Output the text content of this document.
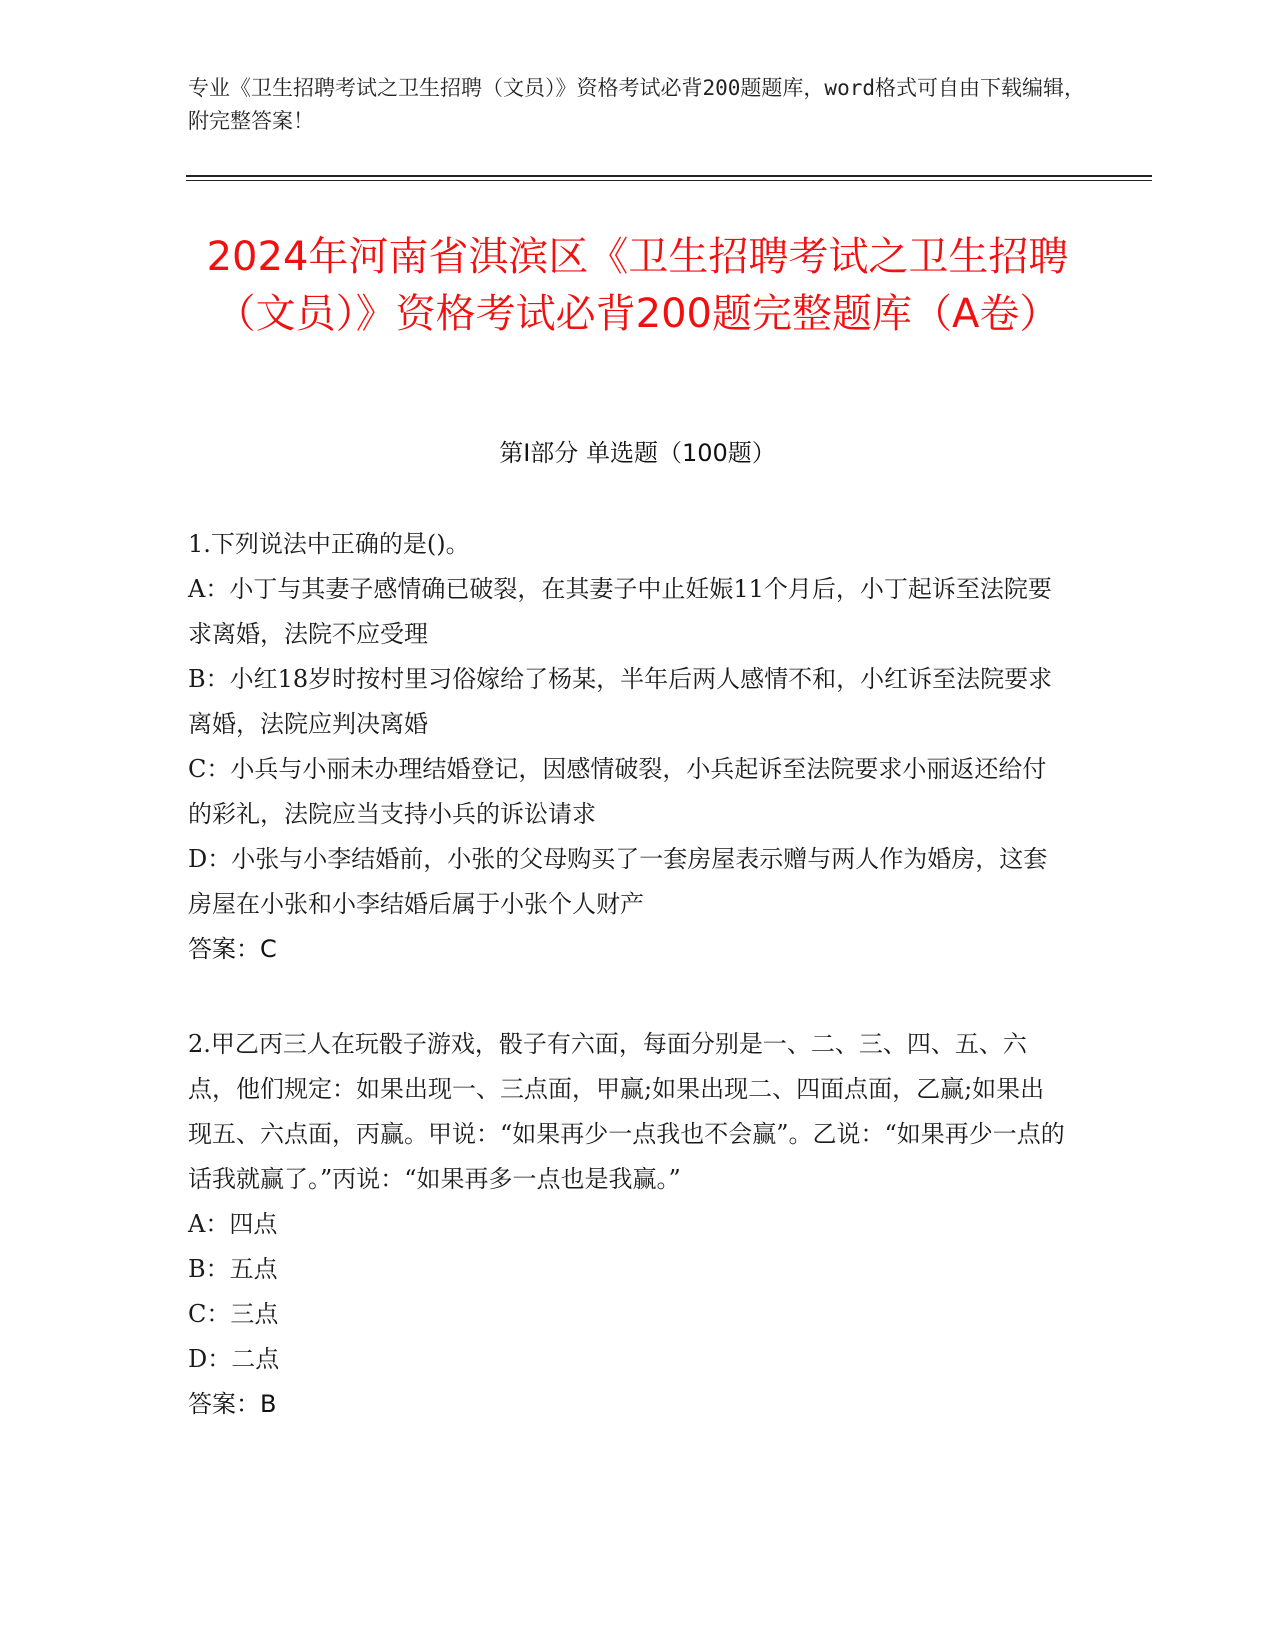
专业《卫生招聘考试之卫生招聘（文员）》资格考试必背200题题库，word格式可自由下载编辑，附完整答案！
2024年河南省淇滨区《卫生招聘考试之卫生招聘（文员）》资格考试必背200题完整题库（A卷）
第I部分 单选题（100题）
1.下列说法中正确的是()。
A：小丁与其妻子感情确已破裂，在其妻子中止妊娠11个月后，小丁起诉至法院要求离婚，法院不应受理
B：小红18岁时按村里习俗嫁给了杨某，半年后两人感情不和，小红诉至法院要求离婚，法院应判决离婚
C：小兵与小丽未办理结婚登记，因感情破裂，小兵起诉至法院要求小丽返还给付的彩礼，法院应当支持小兵的诉讼请求
D：小张与小李结婚前，小张的父母购买了一套房屋表示赠与两人作为婚房，这套房屋在小张和小李结婚后属于小张个人财产
答案：C
2.甲乙丙三人在玩骰子游戏，骰子有六面，每面分别是一、二、三、四、五、六点，他们规定：如果出现一、三点面，甲赢;如果出现二、四面点面，乙赢;如果出现五、六点面，丙赢。甲说：“如果再少一点我也不会赢”。乙说：“如果再少一点的话我就赢了。”丙说：“如果再多一点也是我赢。”
A：四点
B：五点
C：三点
D：二点
答案：B
